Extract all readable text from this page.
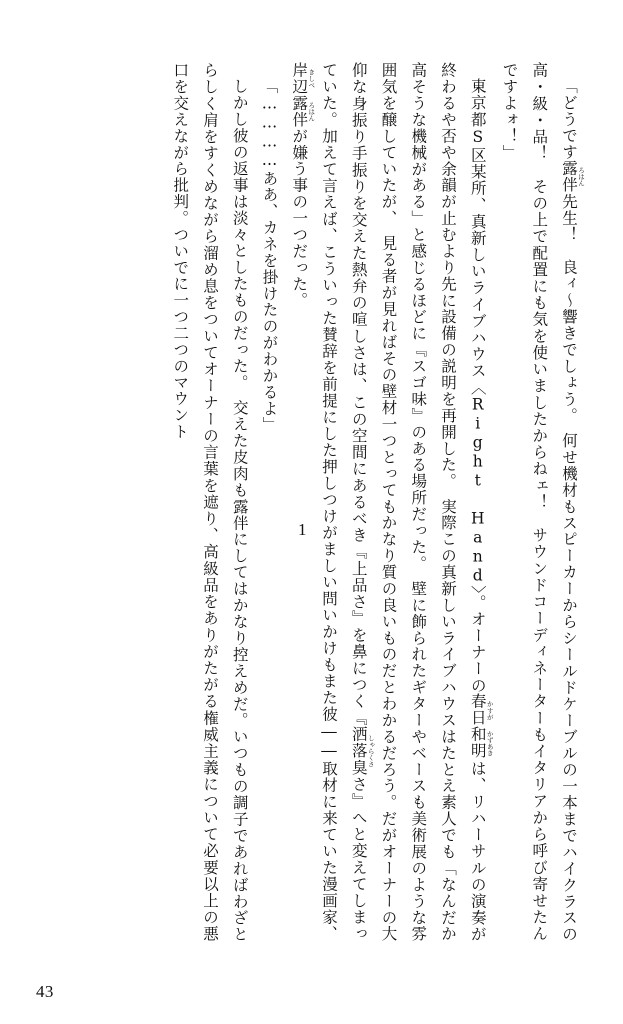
「どうです露伴 ろはん先生！　良ィ～響きでしょう。　何せ機材もスピーカーからシールドケーブルの一本までハイクラスの高・級・品！　その上で配置にも気を使いましたからねェ！　サウンドコーディネーターもイタリアから呼び寄せたんですよォ！」

東京都S区某所、真新しいライブハウス〈Right Hand〉。オーナーの春日 かすが和明 かずあきは、リハーサルの演奏が終わるや否や余韻が止むより先に設備の説明を再開した。　実際この真新しいライブハウスはたとえ素人でも「なんだか高そうな機械がある」と感じるほどに『スゴ味』のある場所だった。　壁に飾られたギターやベースも美術展のような雰囲気を醸していたが、　見る者が見ればその壁材一つとってもかなり質の良いものだとわかるだろう。だがオーナーの大仰な身振り手振りを交えた熱弁の喧しさは、この空間にあるべき『上品さ』を鼻につく『洒落臭 しゃらくささ』へと変えてしまっていた。加えて言えば、こういった賛辞を前提にした押しつけがましい問いかけもまた彼――取材に来ていた漫画家、岸辺 きしべ露伴 ろはんが嫌う事の一つだった。

「…………ああ、カネを掛けたのがわかるよ」

しかし彼の返事は淡々としたものだった。　交えた皮肉も露伴にしてはかなり控えめだ。いつもの調子であればわざとらしく肩をすくめながら溜め息をついてオーナーの言葉を遮り、高級品をありがたがる権威主義について必要以上の悪口を交えながら批判。ついでに一つ二つのマウント

1
43
